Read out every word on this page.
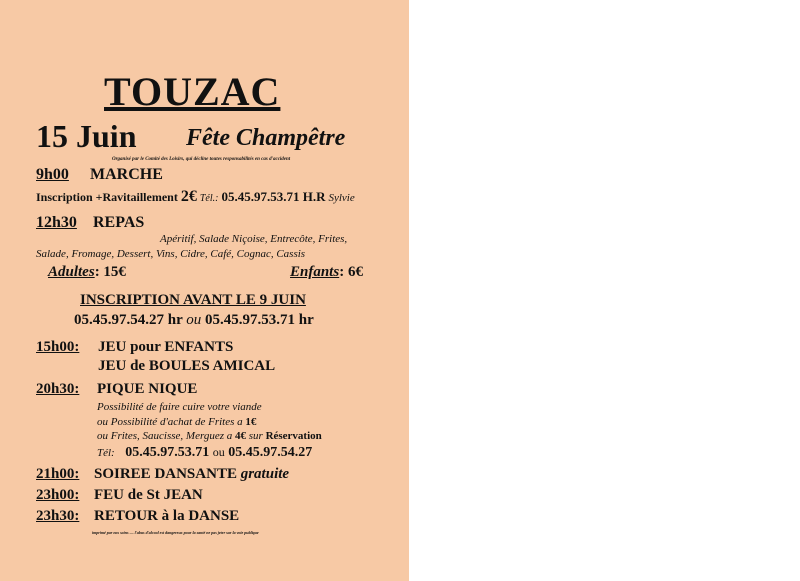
TOUZAC
15 Juin Fête Champêtre
Organisé par le Comité des Loisirs, qui décline toutes responsabilités en cas d'accident
9h00 MARCHE
Inscription +Ravitaillement 2€ Tél.: 05.45.97.53.71 H.R Sylvie
12h30 REPAS
Apéritif, Salade Niçoise, Entrecôte, Frites,
Salade, Fromage, Dessert, Vins, Cidre, Café, Cognac, Cassis
Adultes: 15€	Enfants: 6€
INSCRIPTION AVANT LE 9 JUIN
05.45.97.54.27 hr ou 05.45.97.53.71 hr
15h00: JEU pour ENFANTS
JEU de BOULES AMICAL
20h30: PIQUE NIQUE
Possibilité de faire cuire votre viande
ou Possibilité d'achat de Frites a 1€
ou Frites, Saucisse, Merguez a 4€ sur Réservation
Tél: 05.45.97.53.71 ou 05.45.97.54.27
21h00: SOIREE DANSANTE gratuite
23h00: FEU de St JEAN
23h30: RETOUR à la DANSE
imprimé par nos soins — l'abus d'alcool est dangereux pour la santé ne pas jeter sur la voie publique
